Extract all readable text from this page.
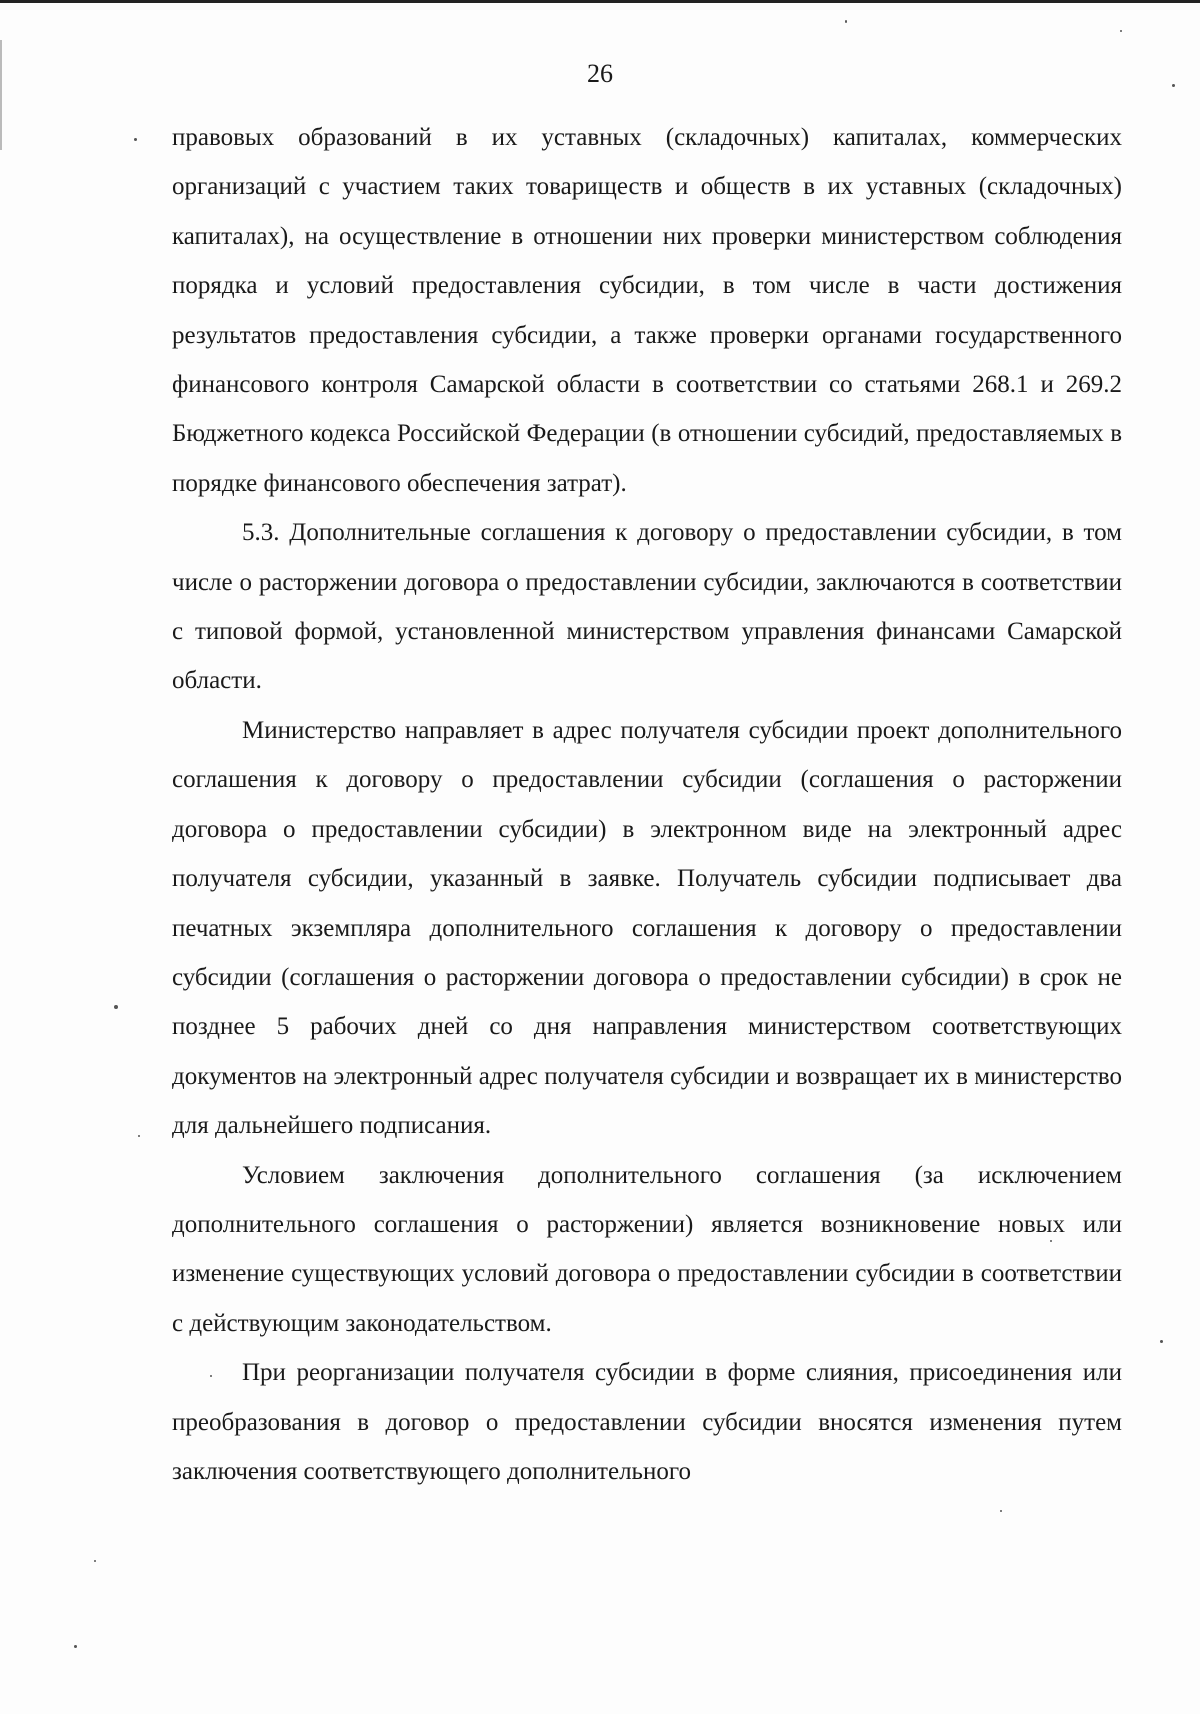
26

правовых образований в их уставных (складочных) капиталах, коммерческих организаций с участием таких товариществ и обществ в их уставных (складочных) капиталах), на осуществление в отношении них проверки министерством соблюдения порядка и условий предоставления субсидии, в том числе в части достижения результатов предоставления субсидии, а также проверки органами государственного финансового контроля Самарской области в соответствии со статьями 268.1 и 269.2 Бюджетного кодекса Российской Федерации (в отношении субсидий, предоставляемых в порядке финансового обеспечения затрат).

5.3. Дополнительные соглашения к договору о предоставлении субсидии, в том числе о расторжении договора о предоставлении субсидии, заключаются в соответствии с типовой формой, установленной министерством управления финансами Самарской области.

Министерство направляет в адрес получателя субсидии проект дополнительного соглашения к договору о предоставлении субсидии (соглашения о расторжении договора о предоставлении субсидии) в электронном виде на электронный адрес получателя субсидии, указанный в заявке. Получатель субсидии подписывает два печатных экземпляра дополнительного соглашения к договору о предоставлении субсидии (соглашения о расторжении договора о предоставлении субсидии) в срок не позднее 5 рабочих дней со дня направления министерством соответствующих документов на электронный адрес получателя субсидии и возвращает их в министерство для дальнейшего подписания.

Условием заключения дополнительного соглашения (за исключением дополнительного соглашения о расторжении) является возникновение новых или изменение существующих условий договора о предоставлении субсидии в соответствии с действующим законодательством.

При реорганизации получателя субсидии в форме слияния, присоединения или преобразования в договор о предоставлении субсидии вносятся изменения путем заключения соответствующего дополнительного
